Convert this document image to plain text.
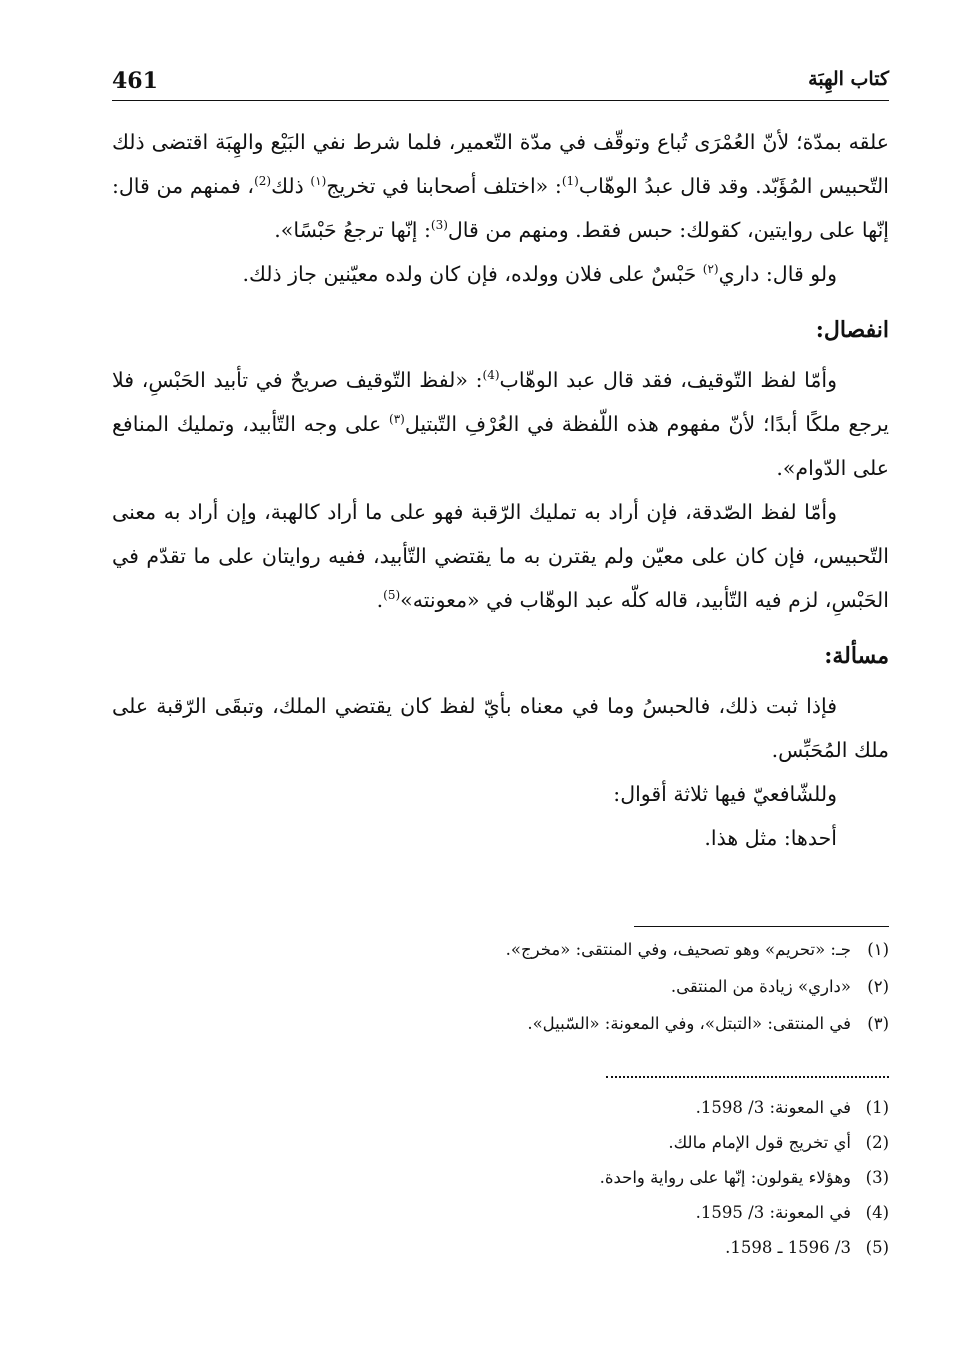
461	كتاب الهِبَة

علقه بمدّة؛ لأنّ العُمْرَى تُباع وتوقّف في مدّة التّعمير، فلما شرط نفي البَيْع والهِبَة اقتضى ذلك التّحبيس المُؤَبّد. وقد قال عبدُ الوهّاب$^{(1)}$: «اختلف أصحابنا في تخريج$^{(١)}$ ذلك$^{(2)}$، فمنهم من قال: إنّها على روايتين، كقولك: حبس فقط. ومنهم من قال$^{(3)}$: إنّها ترجعُ حَبْسًا».

ولو قال: داري$^{(٢)}$ حَبْسٌ على فلان وولده، فإن كان ولده معيّنين جاز ذلك.

انفصال:

وأمّا لفظ التّوقيف، فقد قال عبد الوهّاب$^{(4)}$: «لفظ التّوقيف صريحٌ في تأبيد الحَبْسِ، فلا يرجع ملكًا أبدًا؛ لأنّ مفهوم هذه اللّفظة في العُرْفِ التّبتيل$^{(٣)}$ على وجه التّأبيد، وتمليك المنافع على الدّوام».

وأمّا لفظ الصّدقة، فإن أراد به تمليك الرّقبة فهو على ما أراد كالهبة، وإن أراد به معنى التّحبيس، فإن كان على معيّن ولم يقترن به ما يقتضي التّأبيد، ففيه روايتان على ما تقدّم في الحَبْسِ، لزم فيه التّأبيد، قاله كلّه عبد الوهّاب في «معونته»$^{(5)}$.

مسألة:

فإذا ثبت ذلك، فالحبسُ وما في معناه بأيّ لفظ كان يقتضي الملك، وتبقَى الرّقبة على ملك المُحَبِّس.

وللشّافعيّ فيها ثلاثة أقوال:

أحدها: مثل هذا.

(١)
جـ: «تحريم» وهو تصحيف، وفي المنتقى: «مخرج».
(٢)
«داري» زيادة من المنتقى.
(٣)
في المنتقى: «التبتل»، وفي المعونة: «السّبيل».
(1)
في المعونة: 3/ 1598.
(2)
أي تخريج قول الإمام مالك.
(3)
وهؤلاء يقولون: إنّها على رواية واحدة.
(4)
في المعونة: 3/ 1595.
(5)
3/ 1596 ـ 1598.
